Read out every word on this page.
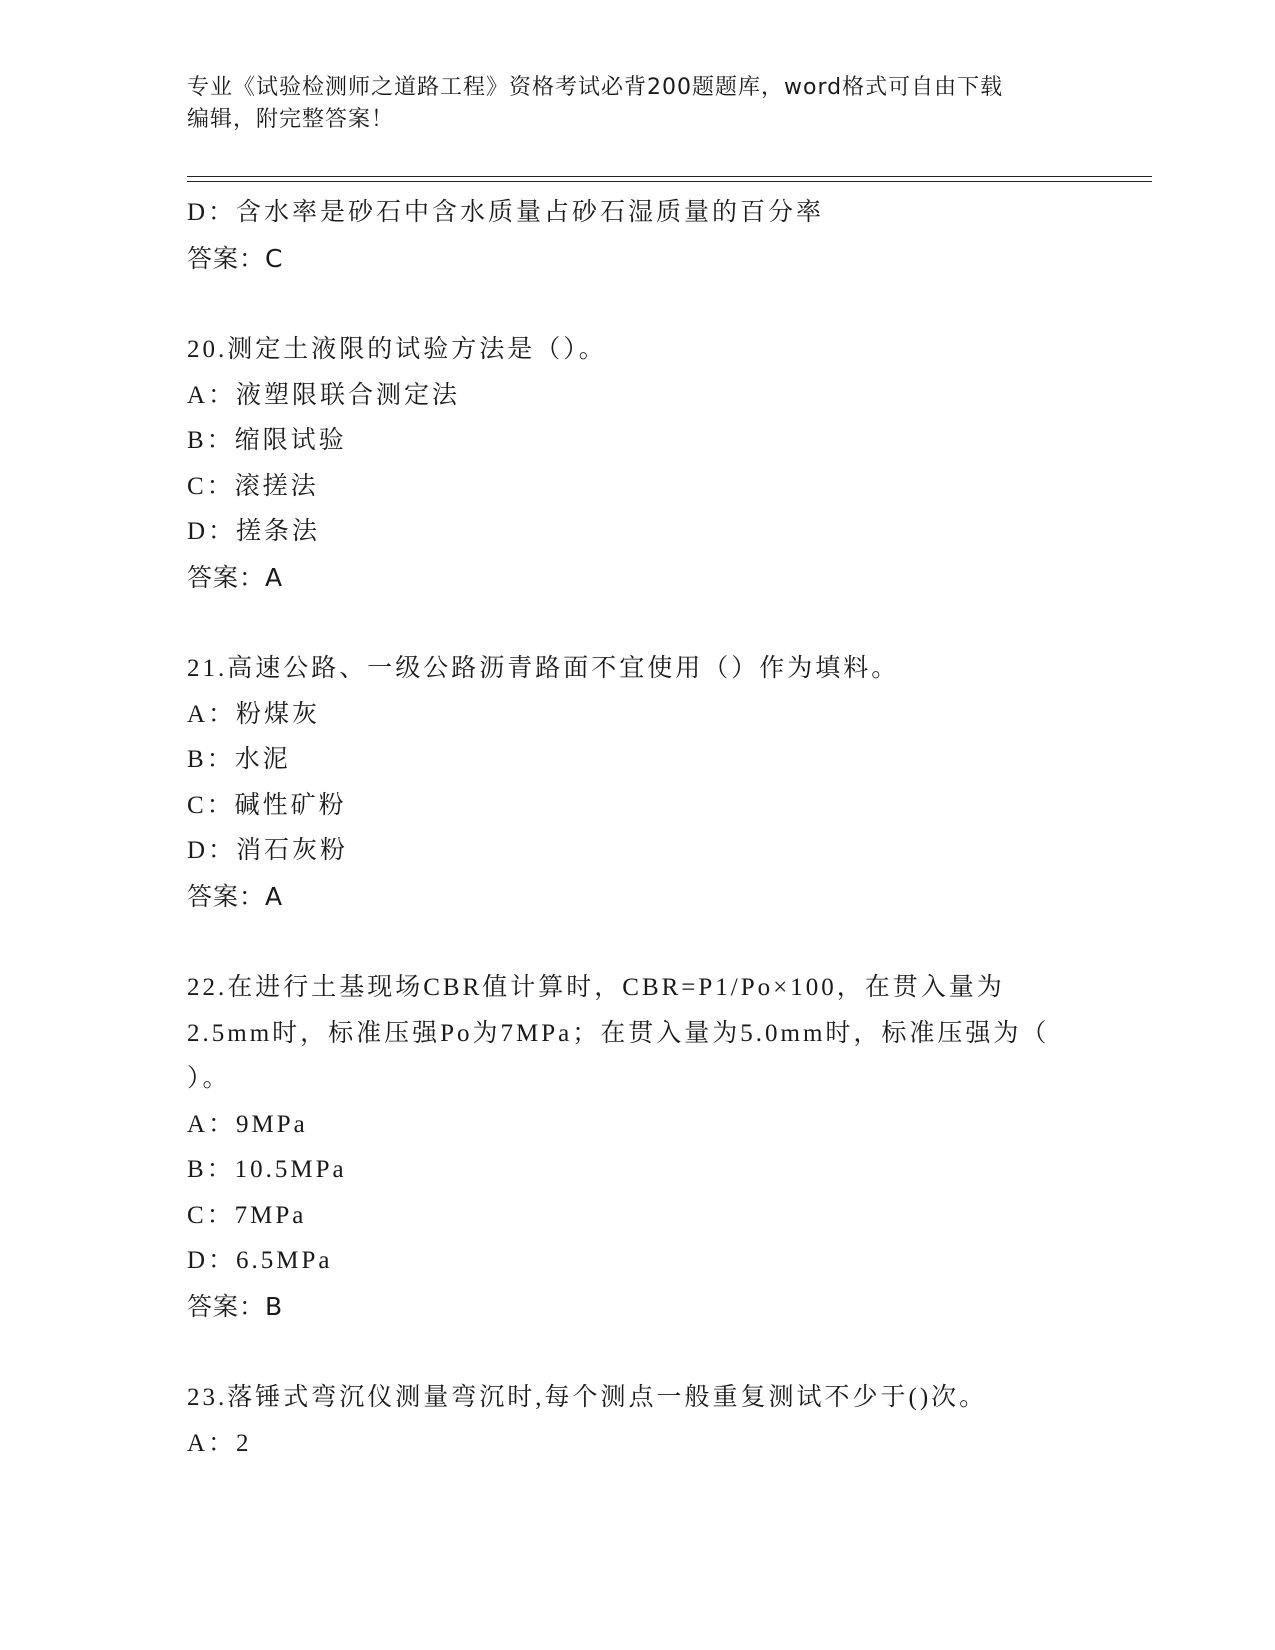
专业《试验检测师之道路工程》资格考试必背200题题库，word格式可自由下载
编辑，附完整答案！
D：含水率是砂石中含水质量占砂石湿质量的百分率
答案：C
20.测定土液限的试验方法是（）。
A：液塑限联合测定法
B：缩限试验
C：滚搓法
D：搓条法
答案：A
21.高速公路、一级公路沥青路面不宜使用（）作为填料。
A：粉煤灰
B：水泥
C：碱性矿粉
D：消石灰粉
答案：A
22.在进行土基现场CBR值计算时，CBR=P1/Po×100，在贯入量为
2.5mm时，标准压强Po为7MPa；在贯入量为5.0mm时，标准压强为（
）。
A：9MPa
B：10.5MPa
C：7MPa
D：6.5MPa
答案：B
23.落锤式弯沉仪测量弯沉时,每个测点一般重复测试不少于()次。
A：2
